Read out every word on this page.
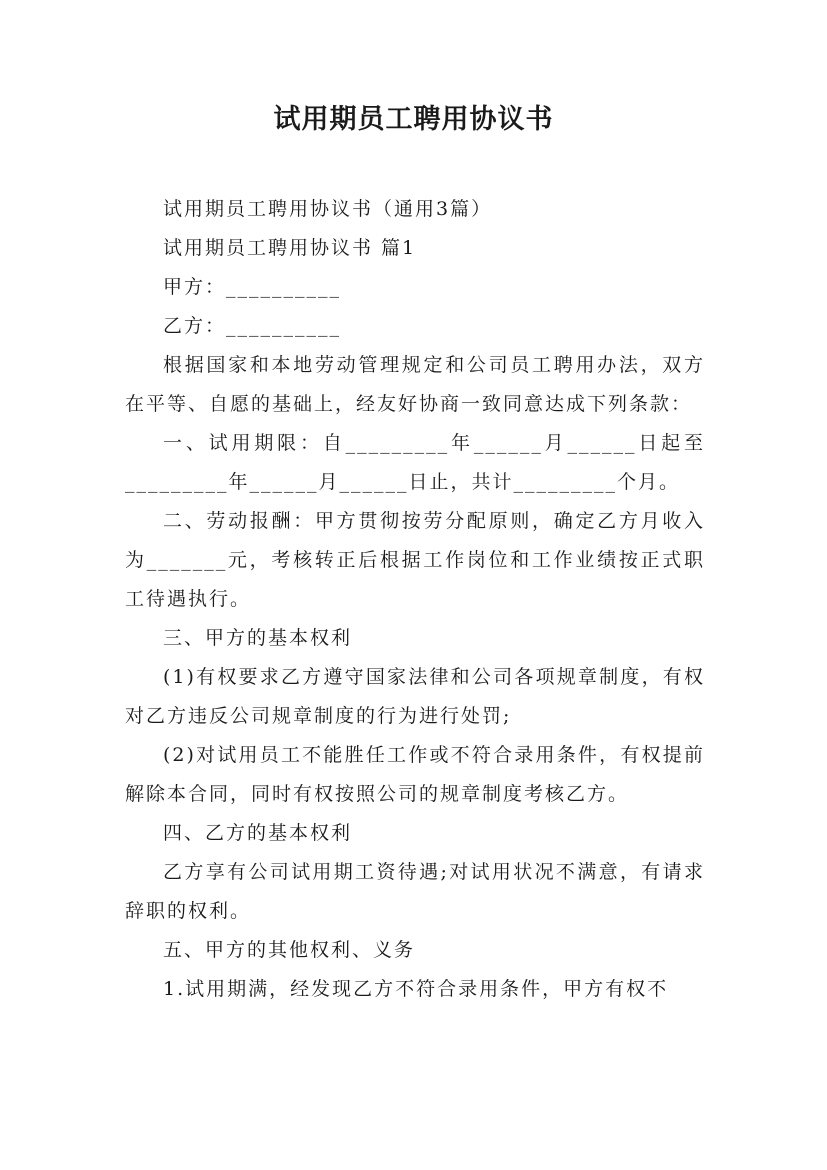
试用期员工聘用协议书

试用期员工聘用协议书（通用3篇）

试用期员工聘用协议书 篇1

甲方：__________

乙方：__________

根据国家和本地劳动管理规定和公司员工聘用办法，双方在平等、自愿的基础上，经友好协商一致同意达成下列条款：

一、试用期限：自_________年______月______日起至_________年______月______日止，共计_________个月。

二、劳动报酬：甲方贯彻按劳分配原则，确定乙方月收入为_______元，考核转正后根据工作岗位和工作业绩按正式职工待遇执行。

三、甲方的基本权利

(1)有权要求乙方遵守国家法律和公司各项规章制度，有权对乙方违反公司规章制度的行为进行处罚;

(2)对试用员工不能胜任工作或不符合录用条件，有权提前解除本合同，同时有权按照公司的规章制度考核乙方。

四、乙方的基本权利

乙方享有公司试用期工资待遇;对试用状况不满意，有请求辞职的权利。

五、甲方的其他权利、义务

1.试用期满，经发现乙方不符合录用条件，甲方有权不
